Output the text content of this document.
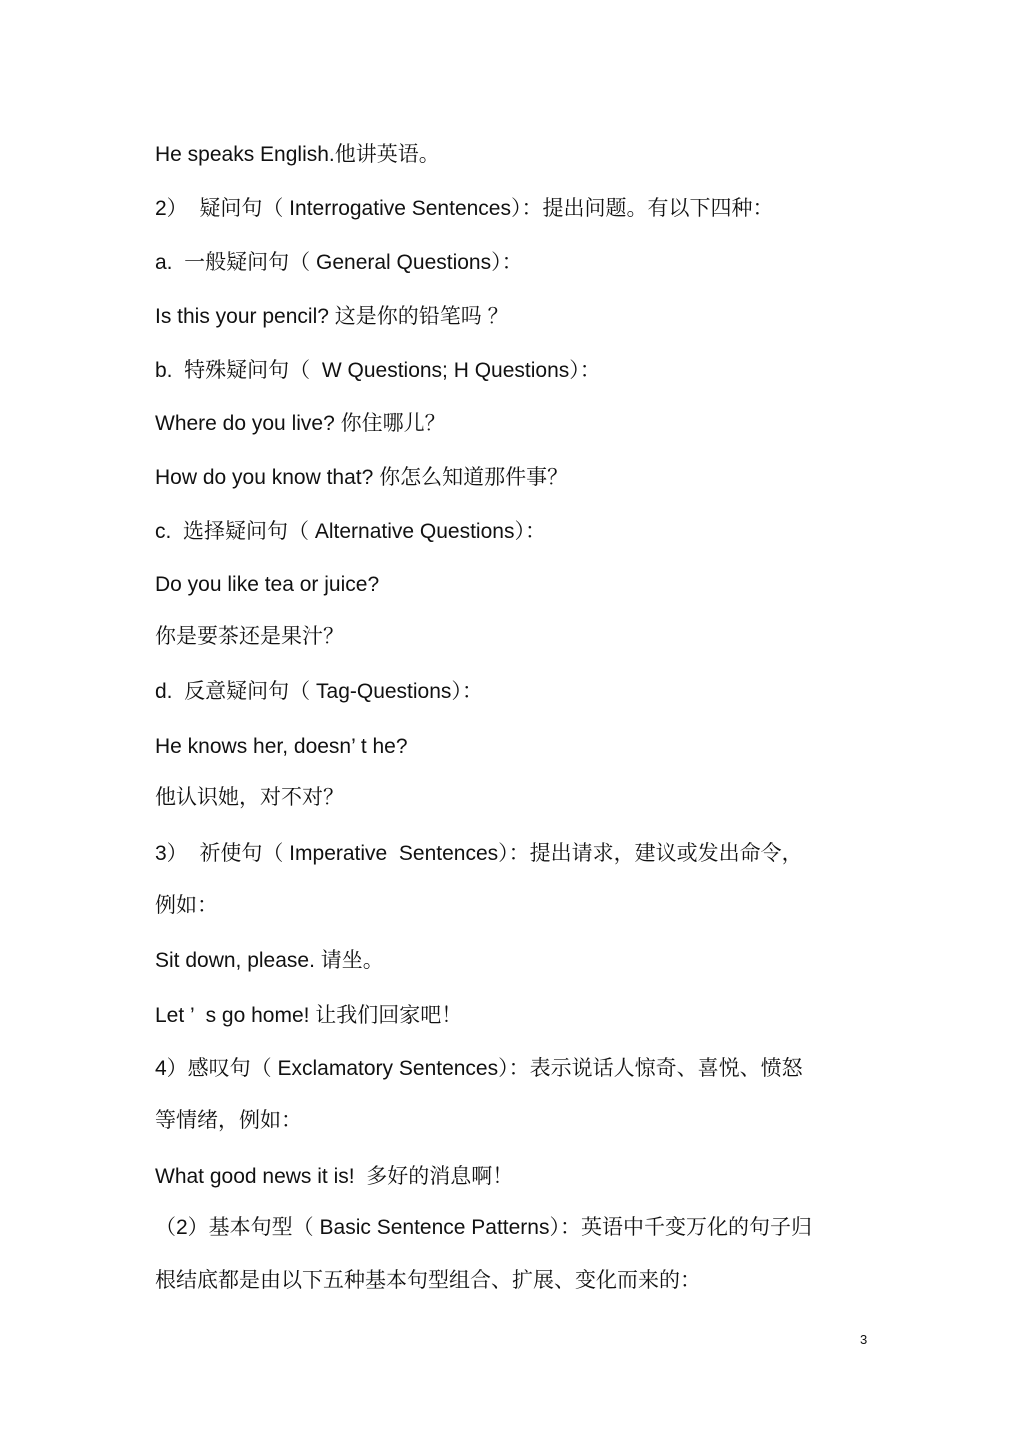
He speaks English.他讲英语。
2）  疑问句（ Interrogative Sentences）：提出问题。有以下四种：
a.  一般疑问句（ General Questions）：
Is this your pencil? 这是你的铅笔吗 ？
b.  特殊疑问句（  W Questions; H Questions）：
Where do you live? 你住哪儿？
How do you know that? 你怎么知道那件事？
c.  选择疑问句（ Alternative Questions）：
Do you like tea or juice?
你是要茶还是果汁？
d.  反意疑问句（ Tag-Questions）：
He knows her, doesn’ t he?
他认识她，对不对？
3）  祈使句（ Imperative  Sentences）：提出请求，建议或发出命令，
例如：
Sit down, please. 请坐。
Let ’  s go home! 让我们回家吧！
4）感叹句（ Exclamatory Sentences）：表示说话人惊奇、喜悦、愤怒
等情绪，例如：
What good news it is!  多好的消息啊！
（2）基本句型（ Basic Sentence Patterns）：英语中千变万化的句子归
根结底都是由以下五种基本句型组合、扩展、变化而来的：
3
